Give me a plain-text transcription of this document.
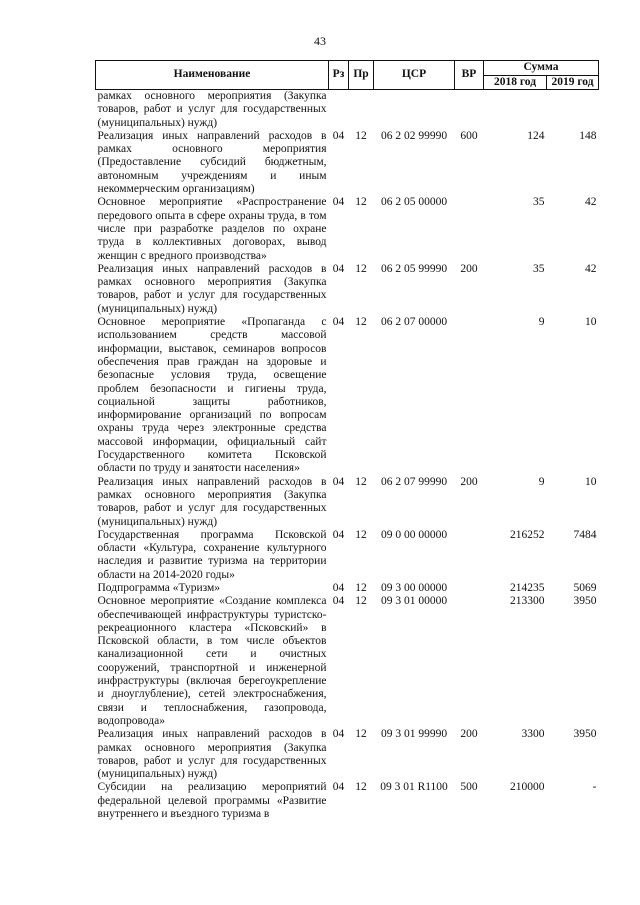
43
Наименование	Рз	Пр	ЦСР	ВР	Сумма	
					2018 год	2019 год
рамках основного мероприятия (Закупка товаров, работ и услуг для государственных (муниципальных) нужд)						
Реализация иных направлений расходов в рамках основного мероприятия (Предоставление субсидий бюджетным, автономным учреждениям и иным некоммерческим организациям)	04	12	06 2 02 99990	600	124	148
Основное мероприятие «Распространение передового опыта в сфере охраны труда, в том числе при разработке разделов по охране труда в коллективных договорах, вывод женщин с вредного производства»	04	12	06 2 05 00000		35	42
Реализация иных направлений расходов в рамках основного мероприятия (Закупка товаров, работ и услуг для государственных (муниципальных) нужд)	04	12	06 2 05 99990	200	35	42
Основное мероприятие «Пропаганда с использованием средств массовой информации, выставок, семинаров вопросов обеспечения прав граждан на здоровые и безопасные условия труда, освещение проблем безопасности и гигиены труда, социальной защиты работников, информирование организаций по вопросам охраны труда через электронные средства массовой информации, официальный сайт Государственного комитета Псковской области по труду и занятости населения»	04	12	06 2 07 00000		9	10
Реализация иных направлений расходов в рамках основного мероприятия (Закупка товаров, работ и услуг для государственных (муниципальных) нужд)	04	12	06 2 07 99990	200	9	10
Государственная программа Псковской области «Культура, сохранение культурного наследия и развитие туризма на территории области на 2014-2020 годы»	04	12	09 0 00 00000		216252	7484
Подпрограмма «Туризм»	04	12	09 3 00 00000		214235	5069
Основное мероприятие «Создание комплекса обеспечивающей инфраструктуры туристско-рекреационного кластера «Псковский» в Псковской области, в том числе объектов канализационной сети и очистных сооружений, транспортной и инженерной инфраструктуры (включая берегоукрепление и дноуглубление), сетей электроснабжения, связи и теплоснабжения, газопровода, водопровода»	04	12	09 3 01 00000		213300	3950
Реализация иных направлений расходов в рамках основного мероприятия (Закупка товаров, работ и услуг для государственных (муниципальных) нужд)	04	12	09 3 01 99990	200	3300	3950
Субсидии на реализацию мероприятий федеральной целевой программы «Развитие внутреннего и въездного туризма в	04	12	09 3 01 R1100	500	210000	-
